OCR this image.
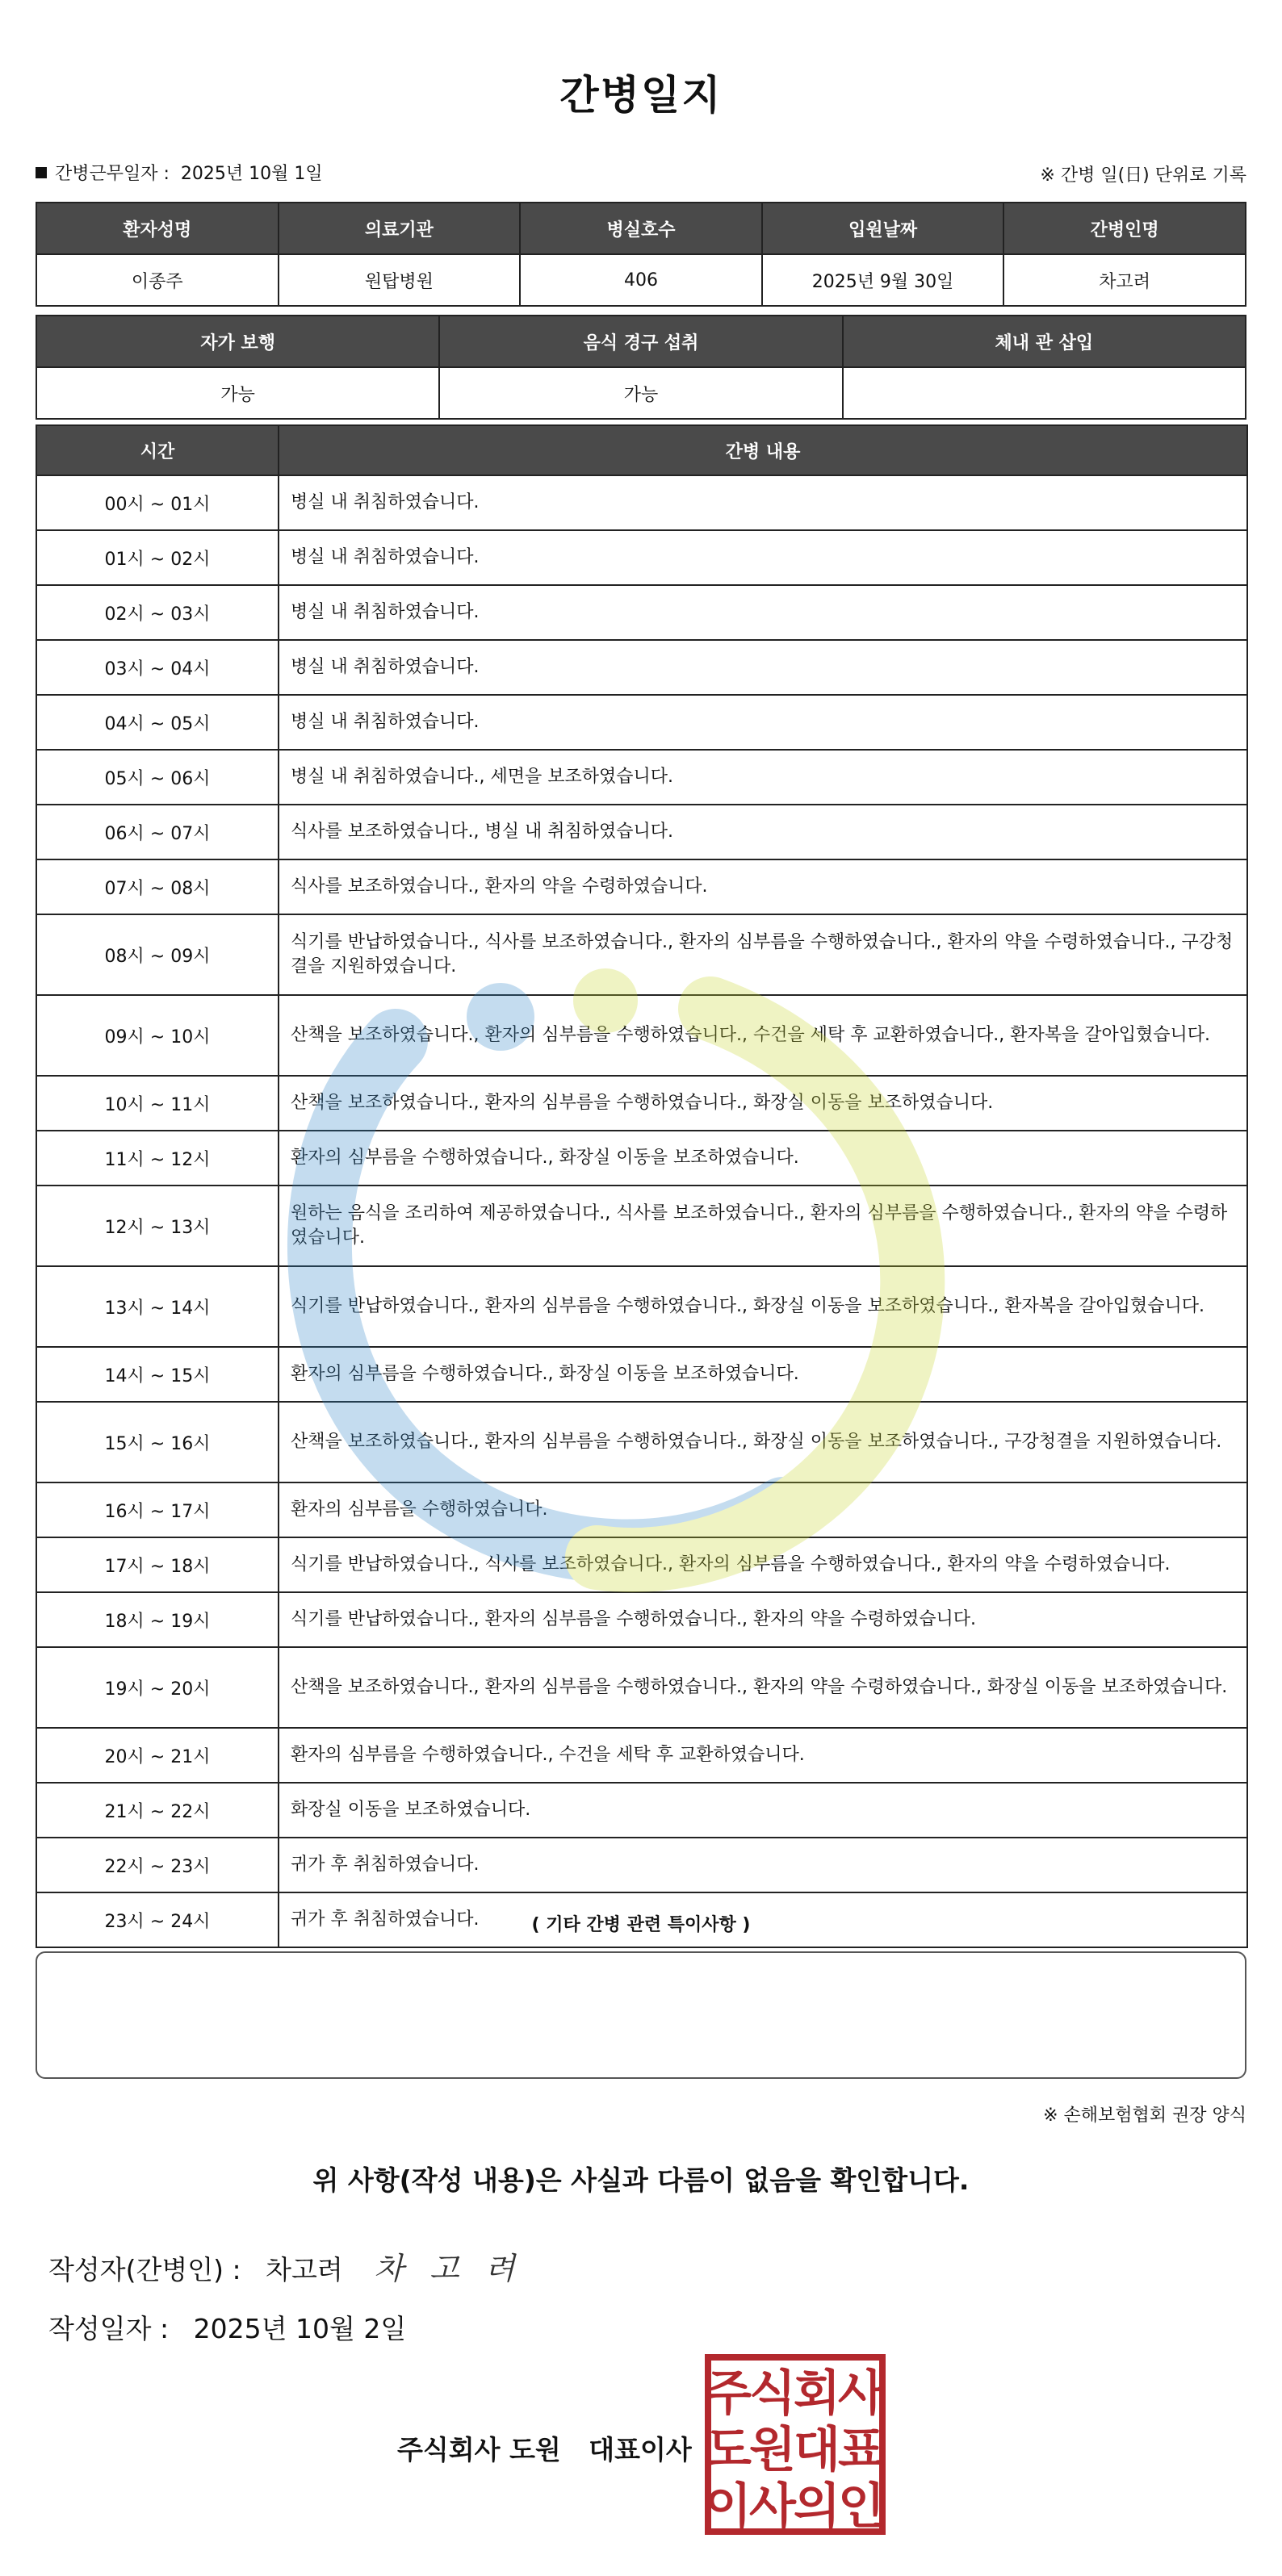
간병일지
간병근무일자 : 2025년 10월 1일	※ 간병 일(日) 단위로 기록
환자성명	의료기관	병실호수	입원날짜	간병인명
이종주	원탑병원	406	2025년 9월 30일	차고려
자가 보행	음식 경구 섭취	체내 관 삽입
가능	가능	
시간	간병 내용
00시 ~ 01시	병실 내 취침하였습니다.
01시 ~ 02시	병실 내 취침하였습니다.
02시 ~ 03시	병실 내 취침하였습니다.
03시 ~ 04시	병실 내 취침하였습니다.
04시 ~ 05시	병실 내 취침하였습니다.
05시 ~ 06시	병실 내 취침하였습니다., 세면을 보조하였습니다.
06시 ~ 07시	식사를 보조하였습니다., 병실 내 취침하였습니다.
07시 ~ 08시	식사를 보조하였습니다., 환자의 약을 수령하였습니다.
08시 ~ 09시	식기를 반납하였습니다., 식사를 보조하였습니다., 환자의 심부름을 수행하였습니다., 환자의 약을 수령하였습니다., 구강청결을 지원하였습니다.
09시 ~ 10시	산책을 보조하였습니다., 환자의 심부름을 수행하였습니다., 수건을 세탁 후 교환하였습니다., 환자복을 갈아입혔습니다.
10시 ~ 11시	산책을 보조하였습니다., 환자의 심부름을 수행하였습니다., 화장실 이동을 보조하였습니다.
11시 ~ 12시	환자의 심부름을 수행하였습니다., 화장실 이동을 보조하였습니다.
12시 ~ 13시	원하는 음식을 조리하여 제공하였습니다., 식사를 보조하였습니다., 환자의 심부름을 수행하였습니다., 환자의 약을 수령하였습니다.
13시 ~ 14시	식기를 반납하였습니다., 환자의 심부름을 수행하였습니다., 화장실 이동을 보조하였습니다., 환자복을 갈아입혔습니다.
14시 ~ 15시	환자의 심부름을 수행하였습니다., 화장실 이동을 보조하였습니다.
15시 ~ 16시	산책을 보조하였습니다., 환자의 심부름을 수행하였습니다., 화장실 이동을 보조하였습니다., 구강청결을 지원하였습니다.
16시 ~ 17시	환자의 심부름을 수행하였습니다.
17시 ~ 18시	식기를 반납하였습니다., 식사를 보조하였습니다., 환자의 심부름을 수행하였습니다., 환자의 약을 수령하였습니다.
18시 ~ 19시	식기를 반납하였습니다., 환자의 심부름을 수행하였습니다., 환자의 약을 수령하였습니다.
19시 ~ 20시	산책을 보조하였습니다., 환자의 심부름을 수행하였습니다., 환자의 약을 수령하였습니다., 화장실 이동을 보조하였습니다.
20시 ~ 21시	환자의 심부름을 수행하였습니다., 수건을 세탁 후 교환하였습니다.
21시 ~ 22시	화장실 이동을 보조하였습니다.
22시 ~ 23시	귀가 후 취침하였습니다.
23시 ~ 24시	귀가 후 취침하였습니다.	( 기타 간병 관련 특이사항 )
※ 손해보험협회 권장 양식
위 사항(작성 내용)은 사실과 다름이 없음을 확인합니다.
작성자(간병인) : 차고려 차 고 려
작성일자 : 2025년 10월 2일
주식회사 도원   대표이사
주
식
회
사
도
원
대
표
이
사
의
인
